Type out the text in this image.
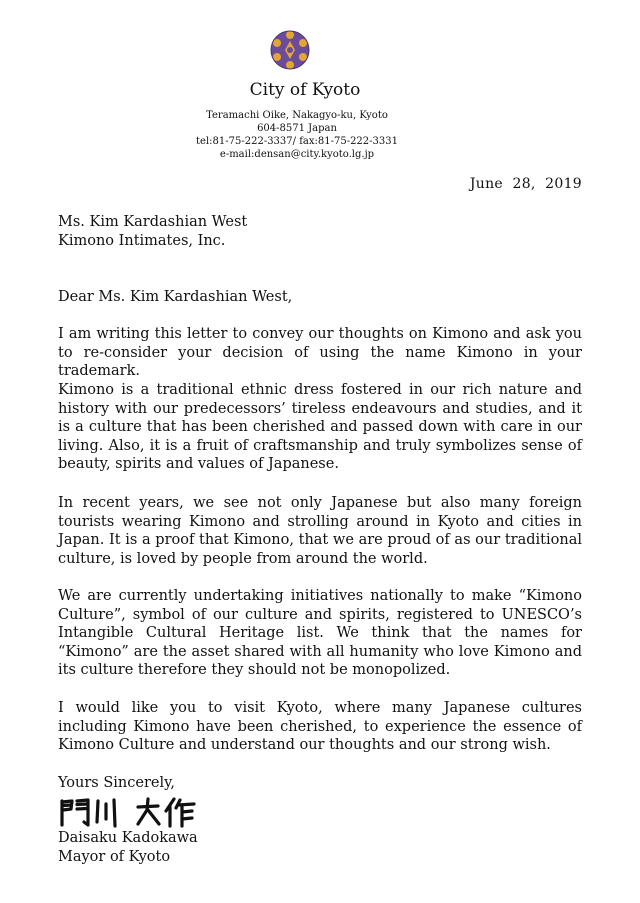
City of Kyoto
Teramachi Oike, Nakagyo-ku, Kyoto
604-8571 Japan
tel:81-75-222-3337/ fax:81-75-222-3331
e-mail:densan@city.kyoto.lg.jp
June  28,  2019
Ms. Kim Kardashian West
Kimono Intimates, Inc.
Dear Ms. Kim Kardashian West,
I am writing this letter to convey our thoughts on Kimono and ask you to re-consider your decision of using the name Kimono in your trademark.
Kimono is a traditional ethnic dress fostered in our rich nature and history with our predecessors’ tireless endeavours and studies, and it is a culture that has been cherished and passed down with care in our living. Also, it is a fruit of craftsmanship and truly symbolizes sense of beauty, spirits and values of Japanese.
In recent years, we see not only Japanese but also many foreign tourists wearing Kimono and strolling around in Kyoto and cities in Japan. It is a proof that Kimono, that we are proud of as our traditional culture, is loved by people from around the world.
We are currently undertaking initiatives nationally to make “Kimono Culture”, symbol of our culture and spirits, registered to UNESCO’s Intangible Cultural Heritage list. We think that the names for “Kimono” are the asset shared with all humanity who love Kimono and its culture therefore they should not be monopolized.
I would like you to visit Kyoto, where many Japanese cultures including Kimono have been cherished, to experience the essence of Kimono Culture and understand our thoughts and our strong wish.
Yours Sincerely,
Daisaku Kadokawa
Mayor of Kyoto
